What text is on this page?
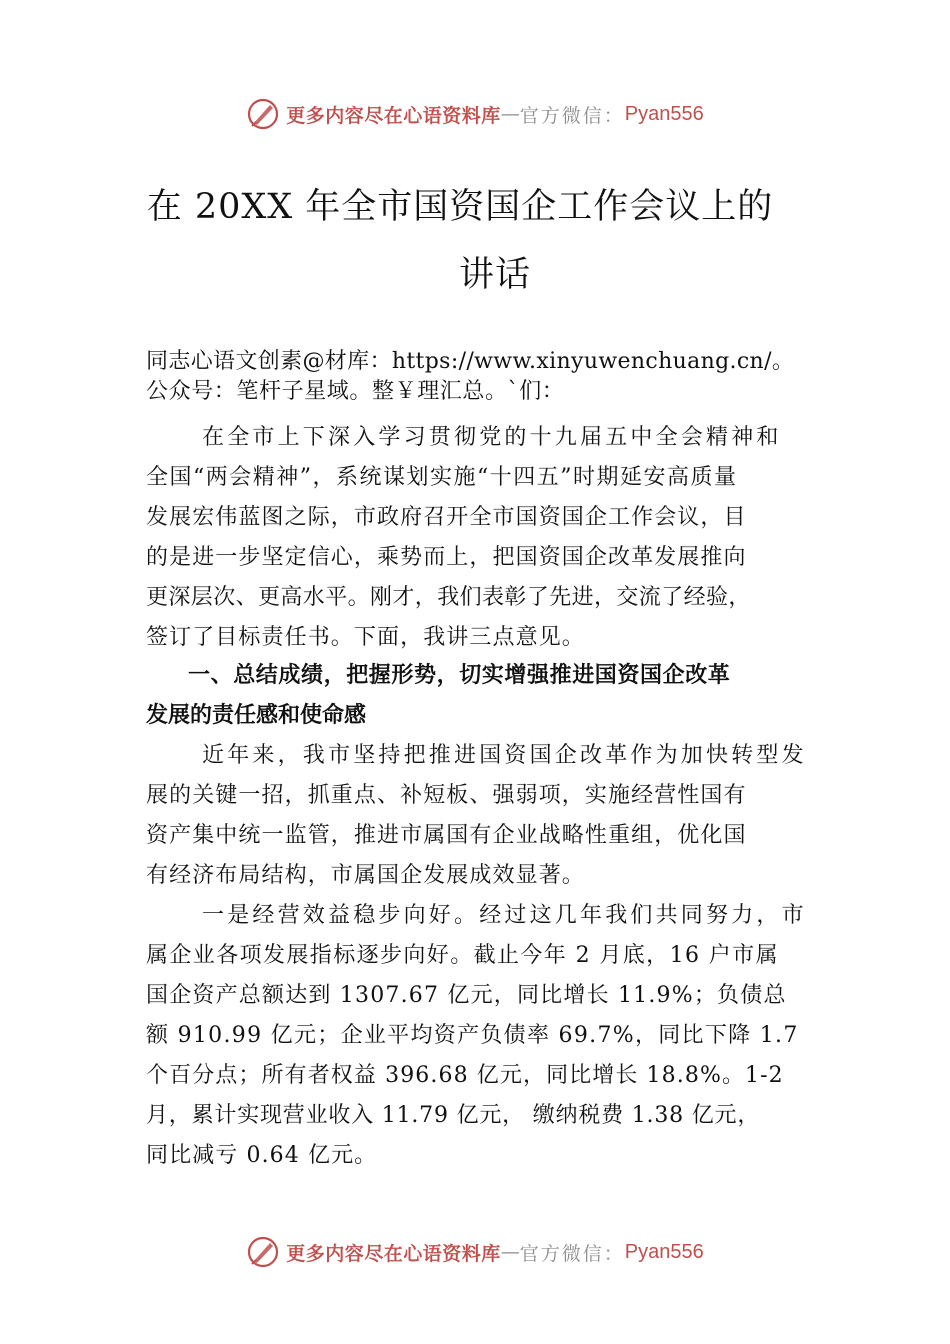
更多内容尽在心语资料库 — 官方微信： Pyan556
在 20XX 年全市国资国企工作会议上的
讲话
同志心语文创素@材库：https://www.xinyuwenchuang.cn/。
公众号：笔杆子星域。整￥理汇总。`们：
在全市上下深入学习贯彻党的十九届五中全会精神和
全国“两会精神”，系统谋划实施“十四五”时期延安高质量
发展宏伟蓝图之际，市政府召开全市国资国企工作会议，目
的是进一步坚定信心，乘势而上，把国资国企改革发展推向
更深层次、更高水平。刚才，我们表彰了先进，交流了经验，
签订了目标责任书。下面，我讲三点意见。
一、总结成绩，把握形势，切实增强推进国资国企改革
发展的责任感和使命感
近年来，我市坚持把推进国资国企改革作为加快转型发
展的关键一招，抓重点、补短板、强弱项，实施经营性国有
资产集中统一监管，推进市属国有企业战略性重组，优化国
有经济布局结构，市属国企发展成效显著。
一是经营效益稳步向好。经过这几年我们共同努力，市
属企业各项发展指标逐步向好。截止今年 2 月底，16 户市属
国企资产总额达到 1307.67 亿元，同比增长 11.9%；负债总
额 910.99 亿元；企业平均资产负债率 69.7%，同比下降 1.7
个百分点；所有者权益 396.68 亿元，同比增长 18.8%。1-2
月，累计实现营业收入 11.79 亿元， 缴纳税费 1.38 亿元，
同比减亏 0.64 亿元。
更多内容尽在心语资料库 — 官方微信： Pyan556
